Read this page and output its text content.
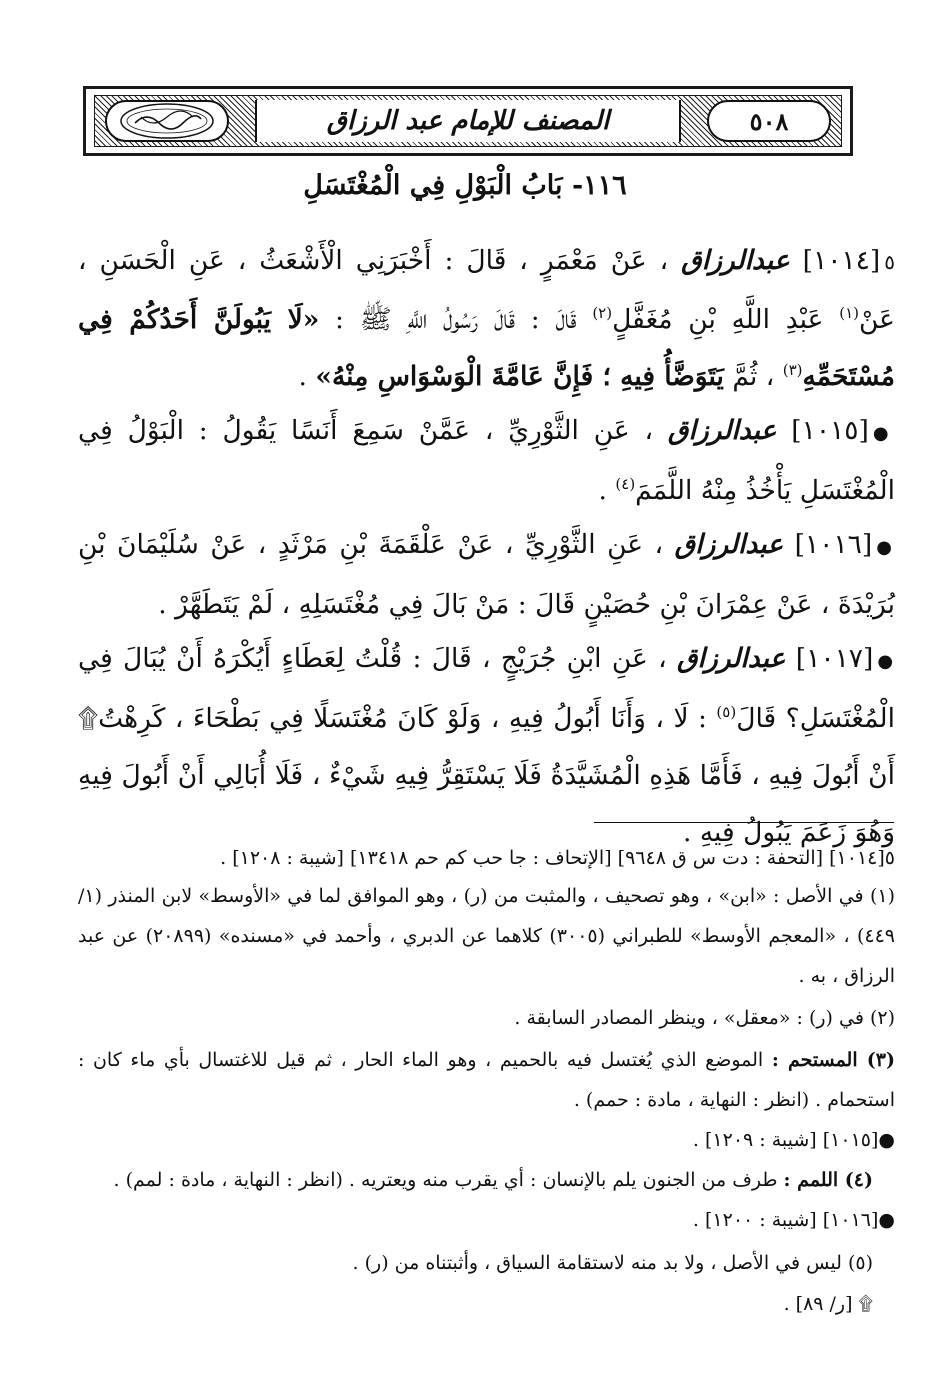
٥٠٨
المصنف للإمام عبد الرزاق
١١٦- بَابُ الْبَوْلِ فِي الْمُغْتَسَلِ
٥[١٠١٤] عبدالرزاق ، عَنْ مَعْمَرٍ ، قَالَ : أَخْبَرَنِي الْأَشْعَثُ ، عَنِ الْحَسَنِ ، عَنْ$^{(١)}$ عَبْدِ اللَّهِ بْنِ مُغَفَّلٍ$^{(٢)}$ قَالَ : قَالَ رَسُولُ اللَّهِ ﷺ : «لَا يَبُولَنَّ أَحَدُكُمْ فِي مُسْتَحَمِّهِ$^{(٣)}$ ، ثُمَّ يَتَوَضَّأُ فِيهِ ؛ فَإِنَّ عَامَّةَ الْوَسْوَاسِ مِنْهُ» .
●[١٠١٥] عبدالرزاق ، عَنِ الثَّوْرِيِّ ، عَمَّنْ سَمِعَ أَنَسًا يَقُولُ : الْبَوْلُ فِي الْمُغْتَسَلِ يَأْخُذُ مِنْهُ اللَّمَمَ$^{(٤)}$ .
●[١٠١٦] عبدالرزاق ، عَنِ الثَّوْرِيِّ ، عَنْ عَلْقَمَةَ بْنِ مَرْثَدٍ ، عَنْ سُلَيْمَانَ بْنِ بُرَيْدَةَ ، عَنْ عِمْرَانَ بْنِ حُصَيْنٍ قَالَ : مَنْ بَالَ فِي مُغْتَسَلِهِ ، لَمْ يَتَطَهَّرْ .
●[١٠١٧] عبدالرزاق ، عَنِ ابْنِ جُرَيْجٍ ، قَالَ : قُلْتُ لِعَطَاءٍ أَيُكْرَهُ أَنْ يُبَالَ فِي الْمُغْتَسَلِ؟ قَالَ$^{(٥)}$ : لَا ، وَأَنَا أَبُولُ فِيهِ ، وَلَوْ كَانَ مُغْتَسَلًا فِي بَطْحَاءَ ، كَرِهْتُ۩ أَنْ أَبُولَ فِيهِ ، فَأَمَّا هَذِهِ الْمُشَيَّدَةُ فَلَا يَسْتَقِرُّ فِيهِ شَيْءٌ ، فَلَا أُبَالِي أَنْ أَبُولَ فِيهِ وَهُوَ زَعَمَ يَبُولُ فِيهِ .
٥[١٠١٤] [التحفة : دت س ق ٩٦٤٨] [الإتحاف : جا حب كم حم ١٣٤١٨] [شيبة : ١٢٠٨] .
(١) في الأصل : «ابن» ، وهو تصحيف ، والمثبت من (ر) ، وهو الموافق لما في «الأوسط» لابن المنذر (١/ ٤٤٩) ، «المعجم الأوسط» للطبراني (٣٠٠٥) كلاهما عن الدبري ، وأحمد في «مسنده» (٢٠٨٩٩) عن عبد الرزاق ، به .
(٢) في (ر) : «معقل» ، وينظر المصادر السابقة .
(٣) المستحم : الموضع الذي يُغتسل فيه بالحميم ، وهو الماء الحار ، ثم قيل للاغتسال بأي ماء كان : استحمام . (انظر : النهاية ، مادة : حمم) .
●[١٠١٥] [شيبة : ١٢٠٩] .
(٤) اللمم : طرف من الجنون يلم بالإنسان : أي يقرب منه ويعتريه . (انظر : النهاية ، مادة : لمم) .
●[١٠١٦] [شيبة : ١٢٠٠] .
(٥) ليس في الأصل ، ولا بد منه لاستقامة السياق ، وأثبتناه من (ر) .
۩ [ر/ ٨٩] .
